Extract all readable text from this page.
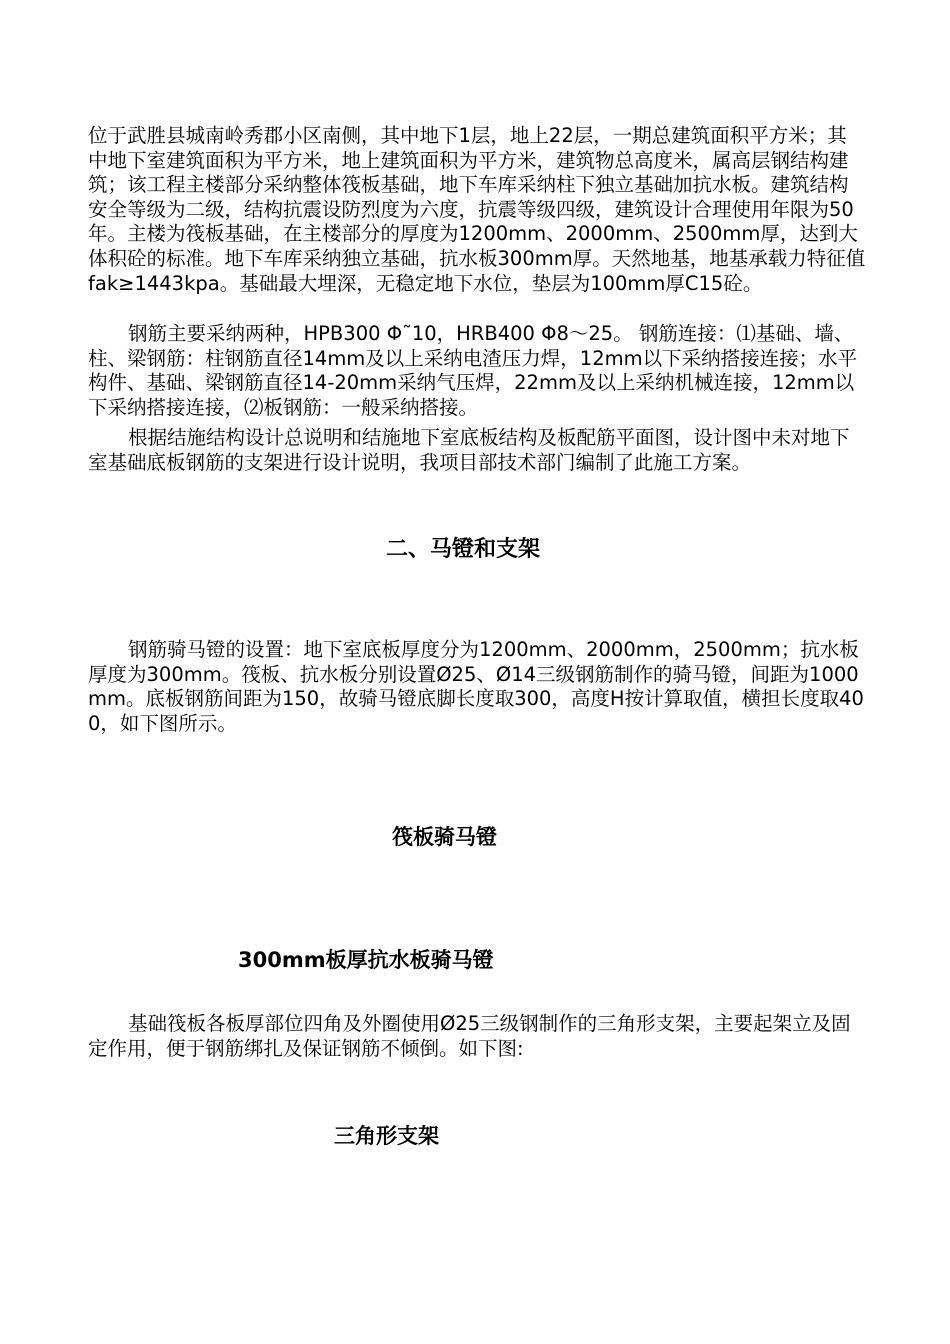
位于武胜县城南岭秀郡小区南侧，其中地下1层，地上22层，一期总建筑面积平方米；其中地下室建筑面积为平方米，地上建筑面积为平方米，建筑物总高度米，属高层钢结构建筑；该工程主楼部分采纳整体筏板基础，地下车库采纳柱下独立基础加抗水板。建筑结构安全等级为二级，结构抗震设防烈度为六度，抗震等级四级，建筑设计合理使用年限为50年。主楼为筏板基础，在主楼部分的厚度为1200mm、2000mm、2500mm厚，达到大体积砼的标准。地下车库采纳独立基础，抗水板300mm厚。天然地基，地基承载力特征值fak≥1443kpa。基础最大埋深，无稳定地下水位，垫层为100mm厚C15砼。

钢筋主要采纳两种，HPB300 Φ˜10，HRB400 Φ8～25。 钢筋连接：⑴基础、墙、柱、梁钢筋：柱钢筋直径14mm及以上采纳电渣压力焊，12mm以下采纳搭接连接；水平构件、基础、梁钢筋直径14-20mm采纳气压焊，22mm及以上采纳机械连接，12mm以下采纳搭接连接，⑵板钢筋：一般采纳搭接。

根据结施结构设计总说明和结施地下室底板结构及板配筋平面图，设计图中未对地下室基础底板钢筋的支架进行设计说明，我项目部技术部门编制了此施工方案。

二、马镫和支架

钢筋骑马镫的设置：地下室底板厚度分为1200mm、2000mm，2500mm；抗水板厚度为300mm。筏板、抗水板分别设置Ø25、Ø14三级钢筋制作的骑马镫，间距为1000mm。底板钢筋间距为150，故骑马镫底脚长度取300，高度H按计算取值，横担长度取400，如下图所示。

筏板骑马镫
300mm板厚抗水板骑马镫

基础筏板各板厚部位四角及外圈使用Ø25三级钢制作的三角形支架，主要起架立及固定作用，便于钢筋绑扎及保证钢筋不倾倒。如下图:

三角形支架
